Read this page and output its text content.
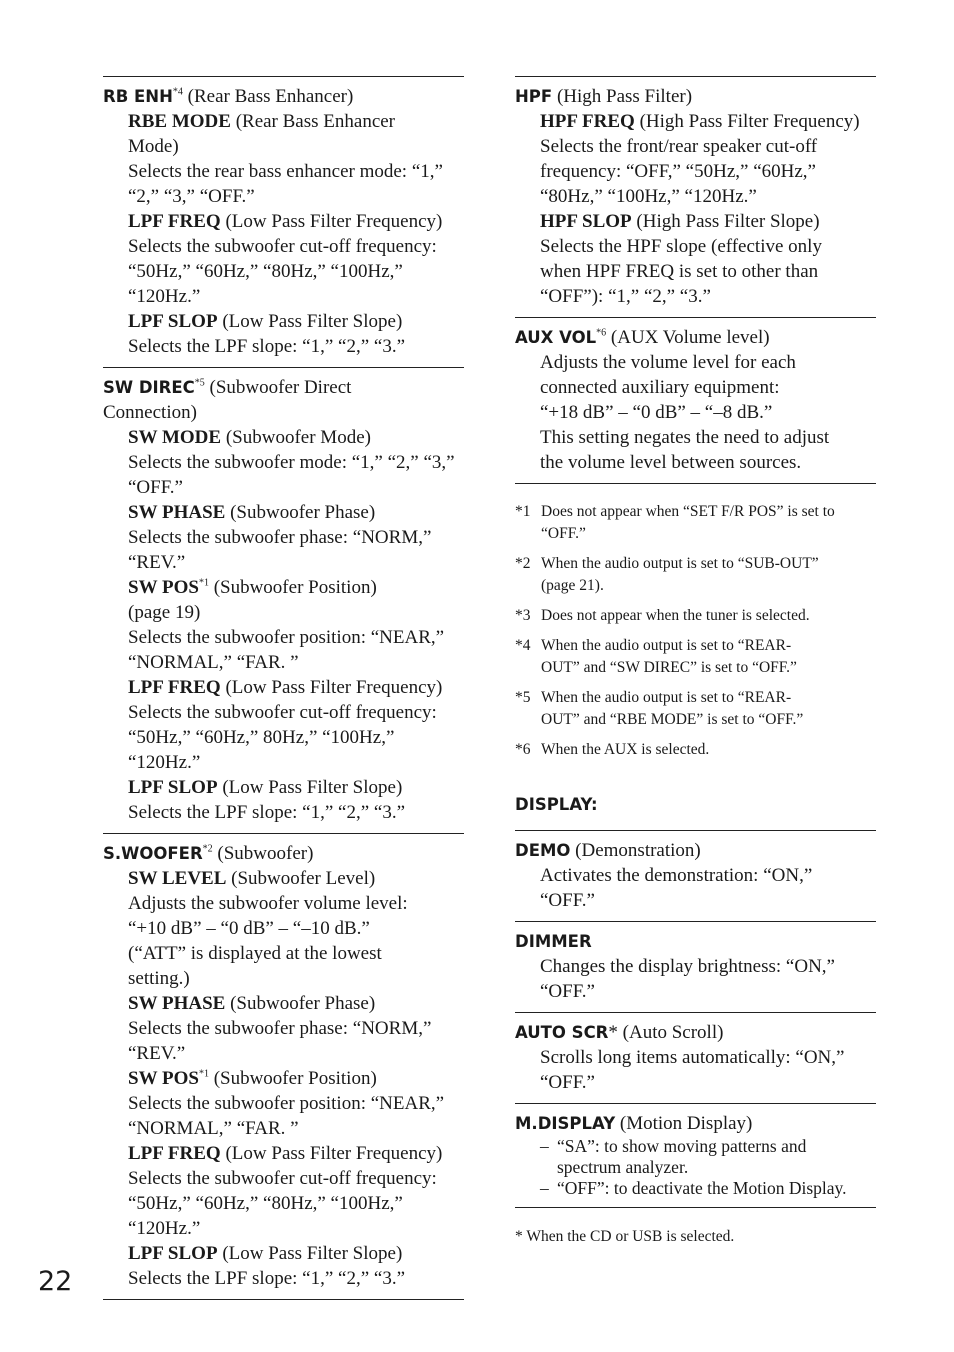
RB ENH$^{*4}$ (Rear Bass Enhancer)
RBE MODE (Rear Bass Enhancer
Mode)
Selects the rear bass enhancer mode: “1,”
“2,” “3,” “OFF.”
LPF FREQ (Low Pass Filter Frequency)
Selects the subwoofer cut-off frequency:
“50Hz,” “60Hz,” “80Hz,” “100Hz,”
“120Hz.”
LPF SLOP (Low Pass Filter Slope)
Selects the LPF slope: “1,” “2,” “3.”
SW DIREC$^{*5}$ (Subwoofer Direct
Connection)
SW MODE (Subwoofer Mode)
Selects the subwoofer mode: “1,” “2,” “3,”
“OFF.”
SW PHASE (Subwoofer Phase)
Selects the subwoofer phase: “NORM,”
“REV.”
SW POS$^{*1}$ (Subwoofer Position)
(page 19)
Selects the subwoofer position: “NEAR,”
“NORMAL,” “FAR. ”
LPF FREQ (Low Pass Filter Frequency)
Selects the subwoofer cut-off frequency:
“50Hz,” “60Hz,” 80Hz,” “100Hz,”
“120Hz.”
LPF SLOP (Low Pass Filter Slope)
Selects the LPF slope: “1,” “2,” “3.”
S.WOOFER$^{*2}$ (Subwoofer)
SW LEVEL (Subwoofer Level)
Adjusts the subwoofer volume level:
“+10 dB” – “0 dB” – “–10 dB.”
(“ATT” is displayed at the lowest
setting.)
SW PHASE (Subwoofer Phase)
Selects the subwoofer phase: “NORM,”
“REV.”
SW POS$^{*1}$ (Subwoofer Position)
Selects the subwoofer position: “NEAR,”
“NORMAL,” “FAR. ”
LPF FREQ (Low Pass Filter Frequency)
Selects the subwoofer cut-off frequency:
“50Hz,” “60Hz,” “80Hz,” “100Hz,”
“120Hz.”
LPF SLOP (Low Pass Filter Slope)
Selects the LPF slope: “1,” “2,” “3.”
HPF (High Pass Filter)
HPF FREQ (High Pass Filter Frequency)
Selects the front/rear speaker cut-off
frequency: “OFF,” “50Hz,” “60Hz,”
“80Hz,” “100Hz,” “120Hz.”
HPF SLOP (High Pass Filter Slope)
Selects the HPF slope (effective only
when HPF FREQ is set to other than
“OFF”): “1,” “2,” “3.”
AUX VOL$^{*6}$ (AUX Volume level)
Adjusts the volume level for each
connected auxiliary equipment:
“+18 dB” – “0 dB” – “–8 dB.”
This setting negates the need to adjust
the volume level between sources.
*1 Does not appear when “SET F/R POS” is set to
“OFF.”
*2 When the audio output is set to “SUB-OUT”
(page 21).
*3 Does not appear when the tuner is selected.
*4 When the audio output is set to “REAR-
OUT” and “SW DIREC” is set to “OFF.”
*5 When the audio output is set to “REAR-
OUT” and “RBE MODE” is set to “OFF.”
*6 When the AUX is selected.
DISPLAY:
DEMO (Demonstration)
Activates the demonstration: “ON,”
“OFF.”
DIMMER
Changes the display brightness: “ON,”
“OFF.”
AUTO SCR* (Auto Scroll)
Scrolls long items automatically: “ON,”
“OFF.”
M.DISPLAY (Motion Display)
– “SA”: to show moving patterns and
spectrum analyzer.
– “OFF”: to deactivate the Motion Display.
* When the CD or USB is selected.
22
